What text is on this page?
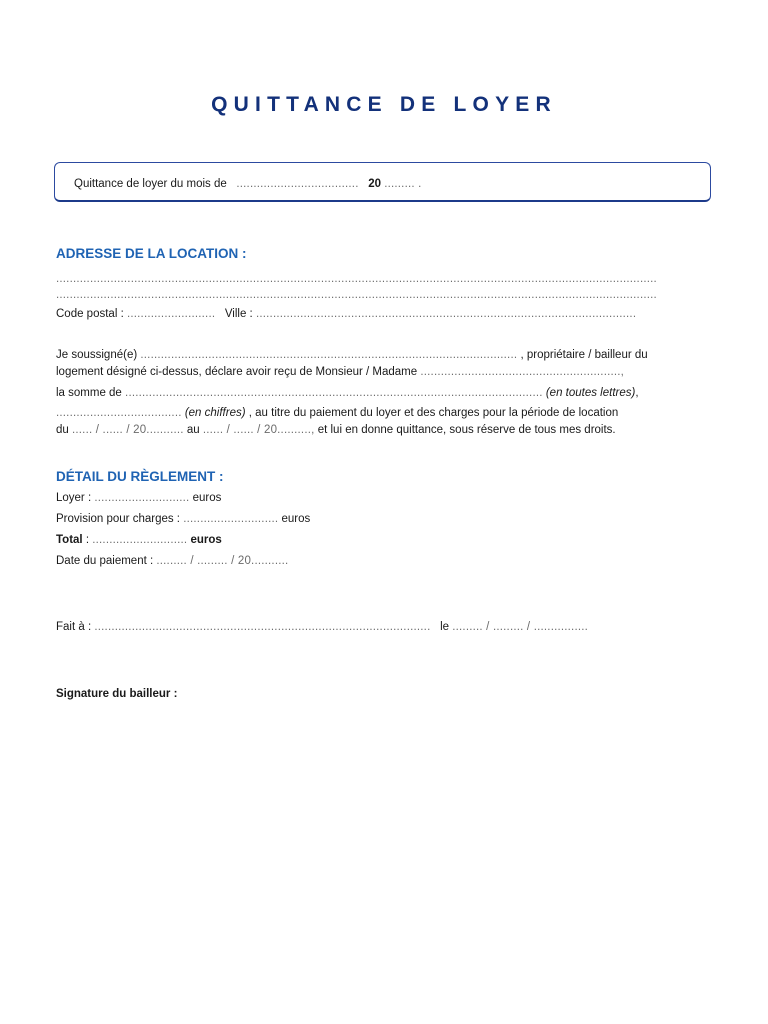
QUITTANCE DE LOYER
Quittance de loyer du mois de .................................... 20 ......... .
ADRESSE DE LA LOCATION :
.................................................................................................................................................................................
.................................................................................................................................................................................
Code postal : .......................... Ville : ................................................................................................................
Je soussigné(e) ............................................................................................................... , propriétaire / bailleur du
logement désigné ci-dessus, déclare avoir reçu de Monsieur / Madame ...........................................................,
la somme de ........................................................................................................................... (en toutes lettres),
..................................... (en chiffres) , au titre du paiement du loyer et des charges pour la période de location
du ...... / ...... / 20........... au ...... / ...... / 20.........., et lui en donne quittance, sous réserve de tous mes droits.
DÉTAIL DU RÈGLEMENT :
Loyer : ............................ euros
Provision pour charges : ............................ euros
Total : ............................ euros
Date du paiement : ......... / ......... / 20...........
Fait à : ................................................................................................... le ......... / ......... / ................
Signature du bailleur :
